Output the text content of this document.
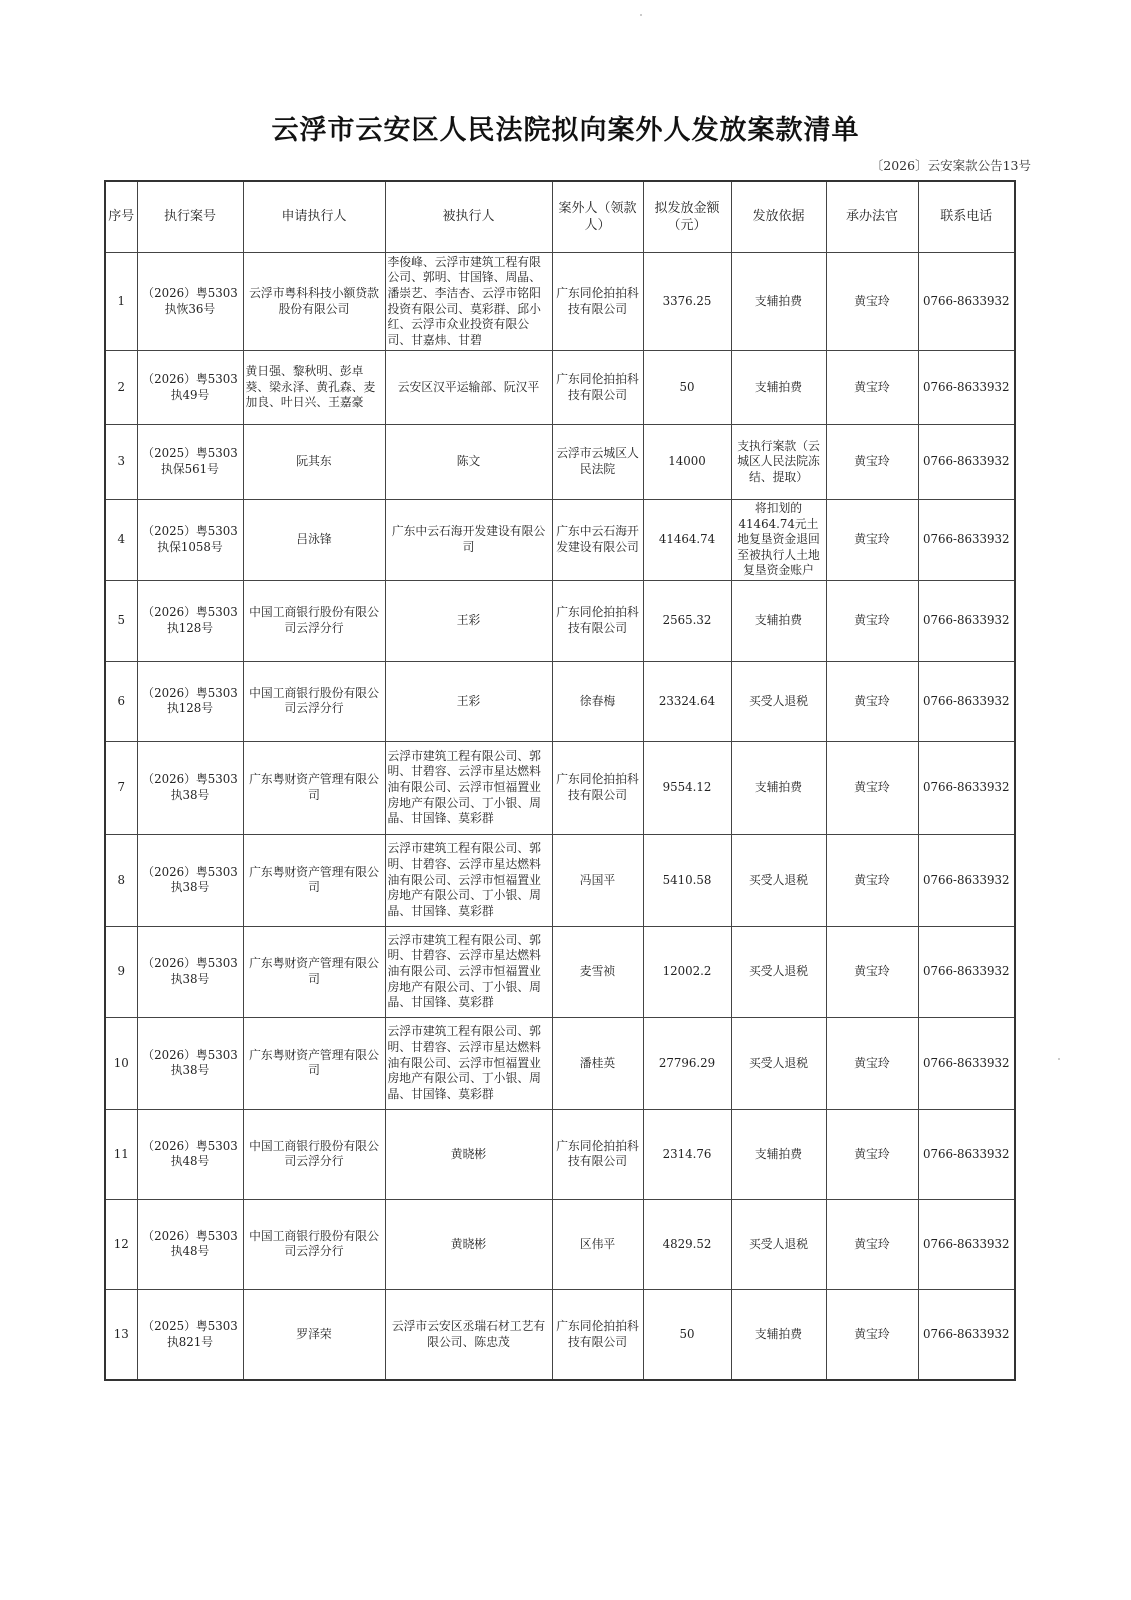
云浮市云安区人民法院拟向案外人发放案款清单
〔2026〕云安案款公告13号
序号	执行案号	申请执行人	被执行人	案外人（领款人）	拟发放金额（元）	发放依据	承办法官	联系电话
1	（2026）粤5303执恢36号	云浮市粤科科技小额贷款股份有限公司	李俊峰、云浮市建筑工程有限公司、郭明、甘国锋、周晶、潘崇艺、李洁杏、云浮市铭阳投资有限公司、莫彩群、邱小红、云浮市众业投资有限公司、甘嘉炜、甘碧	广东同伦拍拍科技有限公司	3376.25	支辅拍费	黄宝玲	0766-8633932
2	（2026）粤5303执49号	黄日强、黎秋明、彭卓葵、梁永泽、黄孔森、麦加良、叶日兴、王嘉豪	云安区汉平运输部、阮汉平	广东同伦拍拍科技有限公司	50	支辅拍费	黄宝玲	0766-8633932
3	（2025）粤5303执保561号	阮其东	陈文	云浮市云城区人民法院	14000	支执行案款（云城区人民法院冻结、提取）	黄宝玲	0766-8633932
4	（2025）粤5303执保1058号	吕泳锋	广东中云石海开发建设有限公司	广东中云石海开发建设有限公司	41464.74	将扣划的41464.74元土地复垦资金退回至被执行人土地复垦资金账户	黄宝玲	0766-8633932
5	（2026）粤5303执128号	中国工商银行股份有限公司云浮分行	王彩	广东同伦拍拍科技有限公司	2565.32	支辅拍费	黄宝玲	0766-8633932
6	（2026）粤5303执128号	中国工商银行股份有限公司云浮分行	王彩	徐春梅	23324.64	买受人退税	黄宝玲	0766-8633932
7	（2026）粤5303执38号	广东粤财资产管理有限公司	云浮市建筑工程有限公司、郭明、甘碧容、云浮市星达燃料油有限公司、云浮市恒福置业房地产有限公司、丁小银、周晶、甘国锋、莫彩群	广东同伦拍拍科技有限公司	9554.12	支辅拍费	黄宝玲	0766-8633932
8	（2026）粤5303执38号	广东粤财资产管理有限公司	云浮市建筑工程有限公司、郭明、甘碧容、云浮市星达燃料油有限公司、云浮市恒福置业房地产有限公司、丁小银、周晶、甘国锋、莫彩群	冯国平	5410.58	买受人退税	黄宝玲	0766-8633932
9	（2026）粤5303执38号	广东粤财资产管理有限公司	云浮市建筑工程有限公司、郭明、甘碧容、云浮市星达燃料油有限公司、云浮市恒福置业房地产有限公司、丁小银、周晶、甘国锋、莫彩群	麦雪祯	12002.2	买受人退税	黄宝玲	0766-8633932
10	（2026）粤5303执38号	广东粤财资产管理有限公司	云浮市建筑工程有限公司、郭明、甘碧容、云浮市星达燃料油有限公司、云浮市恒福置业房地产有限公司、丁小银、周晶、甘国锋、莫彩群	潘桂英	27796.29	买受人退税	黄宝玲	0766-8633932
11	（2026）粤5303执48号	中国工商银行股份有限公司云浮分行	黄晓彬	广东同伦拍拍科技有限公司	2314.76	支辅拍费	黄宝玲	0766-8633932
12	（2026）粤5303执48号	中国工商银行股份有限公司云浮分行	黄晓彬	区伟平	4829.52	买受人退税	黄宝玲	0766-8633932
13	（2025）粤5303执821号	罗泽荣	云浮市云安区丞瑞石材工艺有限公司、陈忠茂	广东同伦拍拍科技有限公司	50	支辅拍费	黄宝玲	0766-8633932
